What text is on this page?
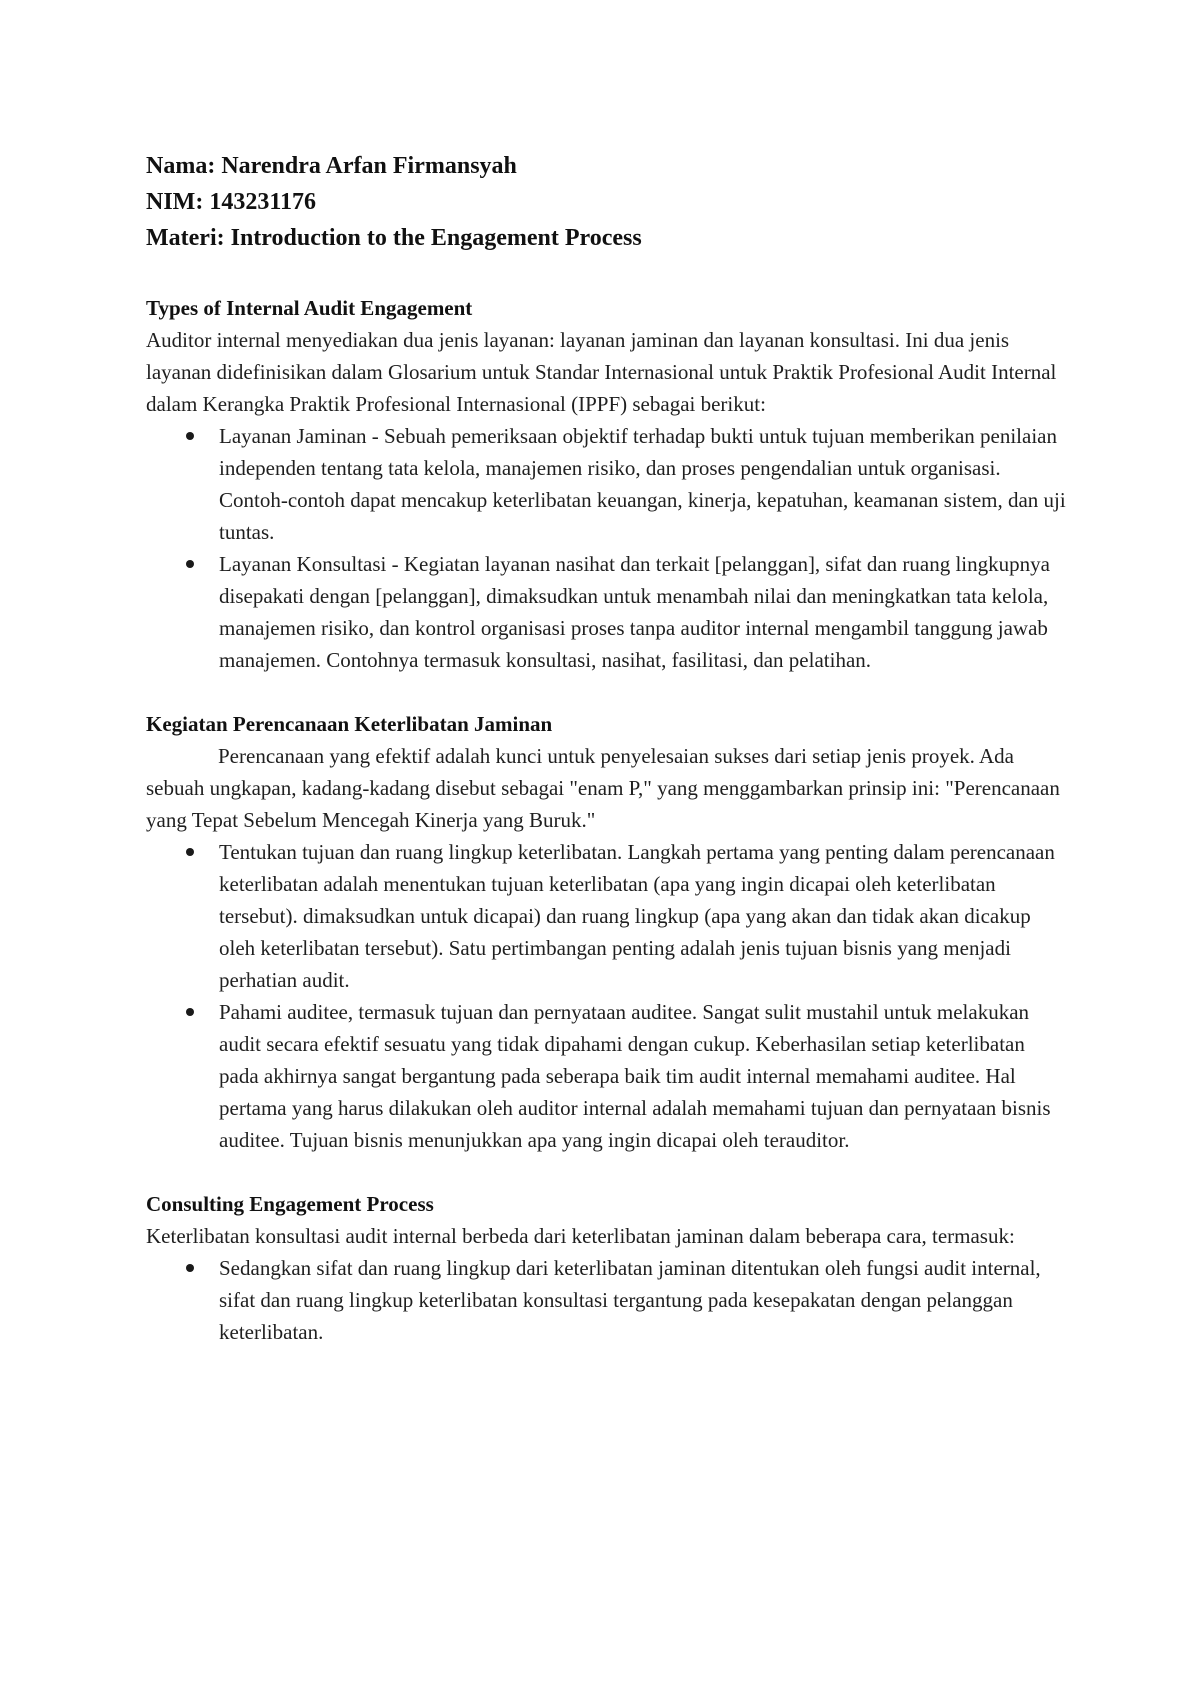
Nama: Narendra Arfan Firmansyah

NIM: 143231176

Materi: Introduction to the Engagement Process

Types of Internal Audit Engagement

Auditor internal menyediakan dua jenis layanan: layanan jaminan dan layanan konsultasi. Ini dua jenis layanan didefinisikan dalam Glosarium untuk Standar Internasional untuk Praktik Profesional Audit Internal dalam Kerangka Praktik Profesional Internasional (IPPF) sebagai berikut:

Layanan Jaminan - Sebuah pemeriksaan objektif terhadap bukti untuk tujuan memberikan penilaian independen tentang tata kelola, manajemen risiko, dan proses pengendalian untuk organisasi. Contoh-contoh dapat mencakup keterlibatan keuangan, kinerja, kepatuhan, keamanan sistem, dan uji tuntas.
Layanan Konsultasi - Kegiatan layanan nasihat dan terkait [pelanggan], sifat dan ruang lingkupnya disepakati dengan [pelanggan], dimaksudkan untuk menambah nilai dan meningkatkan tata kelola, manajemen risiko, dan kontrol organisasi proses tanpa auditor internal mengambil tanggung jawab manajemen. Contohnya termasuk konsultasi, nasihat, fasilitasi, dan pelatihan.

Kegiatan Perencanaan Keterlibatan Jaminan

Perencanaan yang efektif adalah kunci untuk penyelesaian sukses dari setiap jenis proyek. Ada sebuah ungkapan, kadang-kadang disebut sebagai "enam P," yang menggambarkan prinsip ini: "Perencanaan yang Tepat Sebelum Mencegah Kinerja yang Buruk."

Tentukan tujuan dan ruang lingkup keterlibatan. Langkah pertama yang penting dalam perencanaan keterlibatan adalah menentukan tujuan keterlibatan (apa yang ingin dicapai oleh keterlibatan tersebut). dimaksudkan untuk dicapai) dan ruang lingkup (apa yang akan dan tidak akan dicakup oleh keterlibatan tersebut). Satu pertimbangan penting adalah jenis tujuan bisnis yang menjadi perhatian audit.
Pahami auditee, termasuk tujuan dan pernyataan auditee. Sangat sulit mustahil untuk melakukan audit secara efektif sesuatu yang tidak dipahami dengan cukup. Keberhasilan setiap keterlibatan pada akhirnya sangat bergantung pada seberapa baik tim audit internal memahami auditee. Hal pertama yang harus dilakukan oleh auditor internal adalah memahami tujuan dan pernyataan bisnis auditee. Tujuan bisnis menunjukkan apa yang ingin dicapai oleh terauditor.

Consulting Engagement Process

Keterlibatan konsultasi audit internal berbeda dari keterlibatan jaminan dalam beberapa cara, termasuk:

Sedangkan sifat dan ruang lingkup dari keterlibatan jaminan ditentukan oleh fungsi audit internal, sifat dan ruang lingkup keterlibatan konsultasi tergantung pada kesepakatan dengan pelanggan keterlibatan.
